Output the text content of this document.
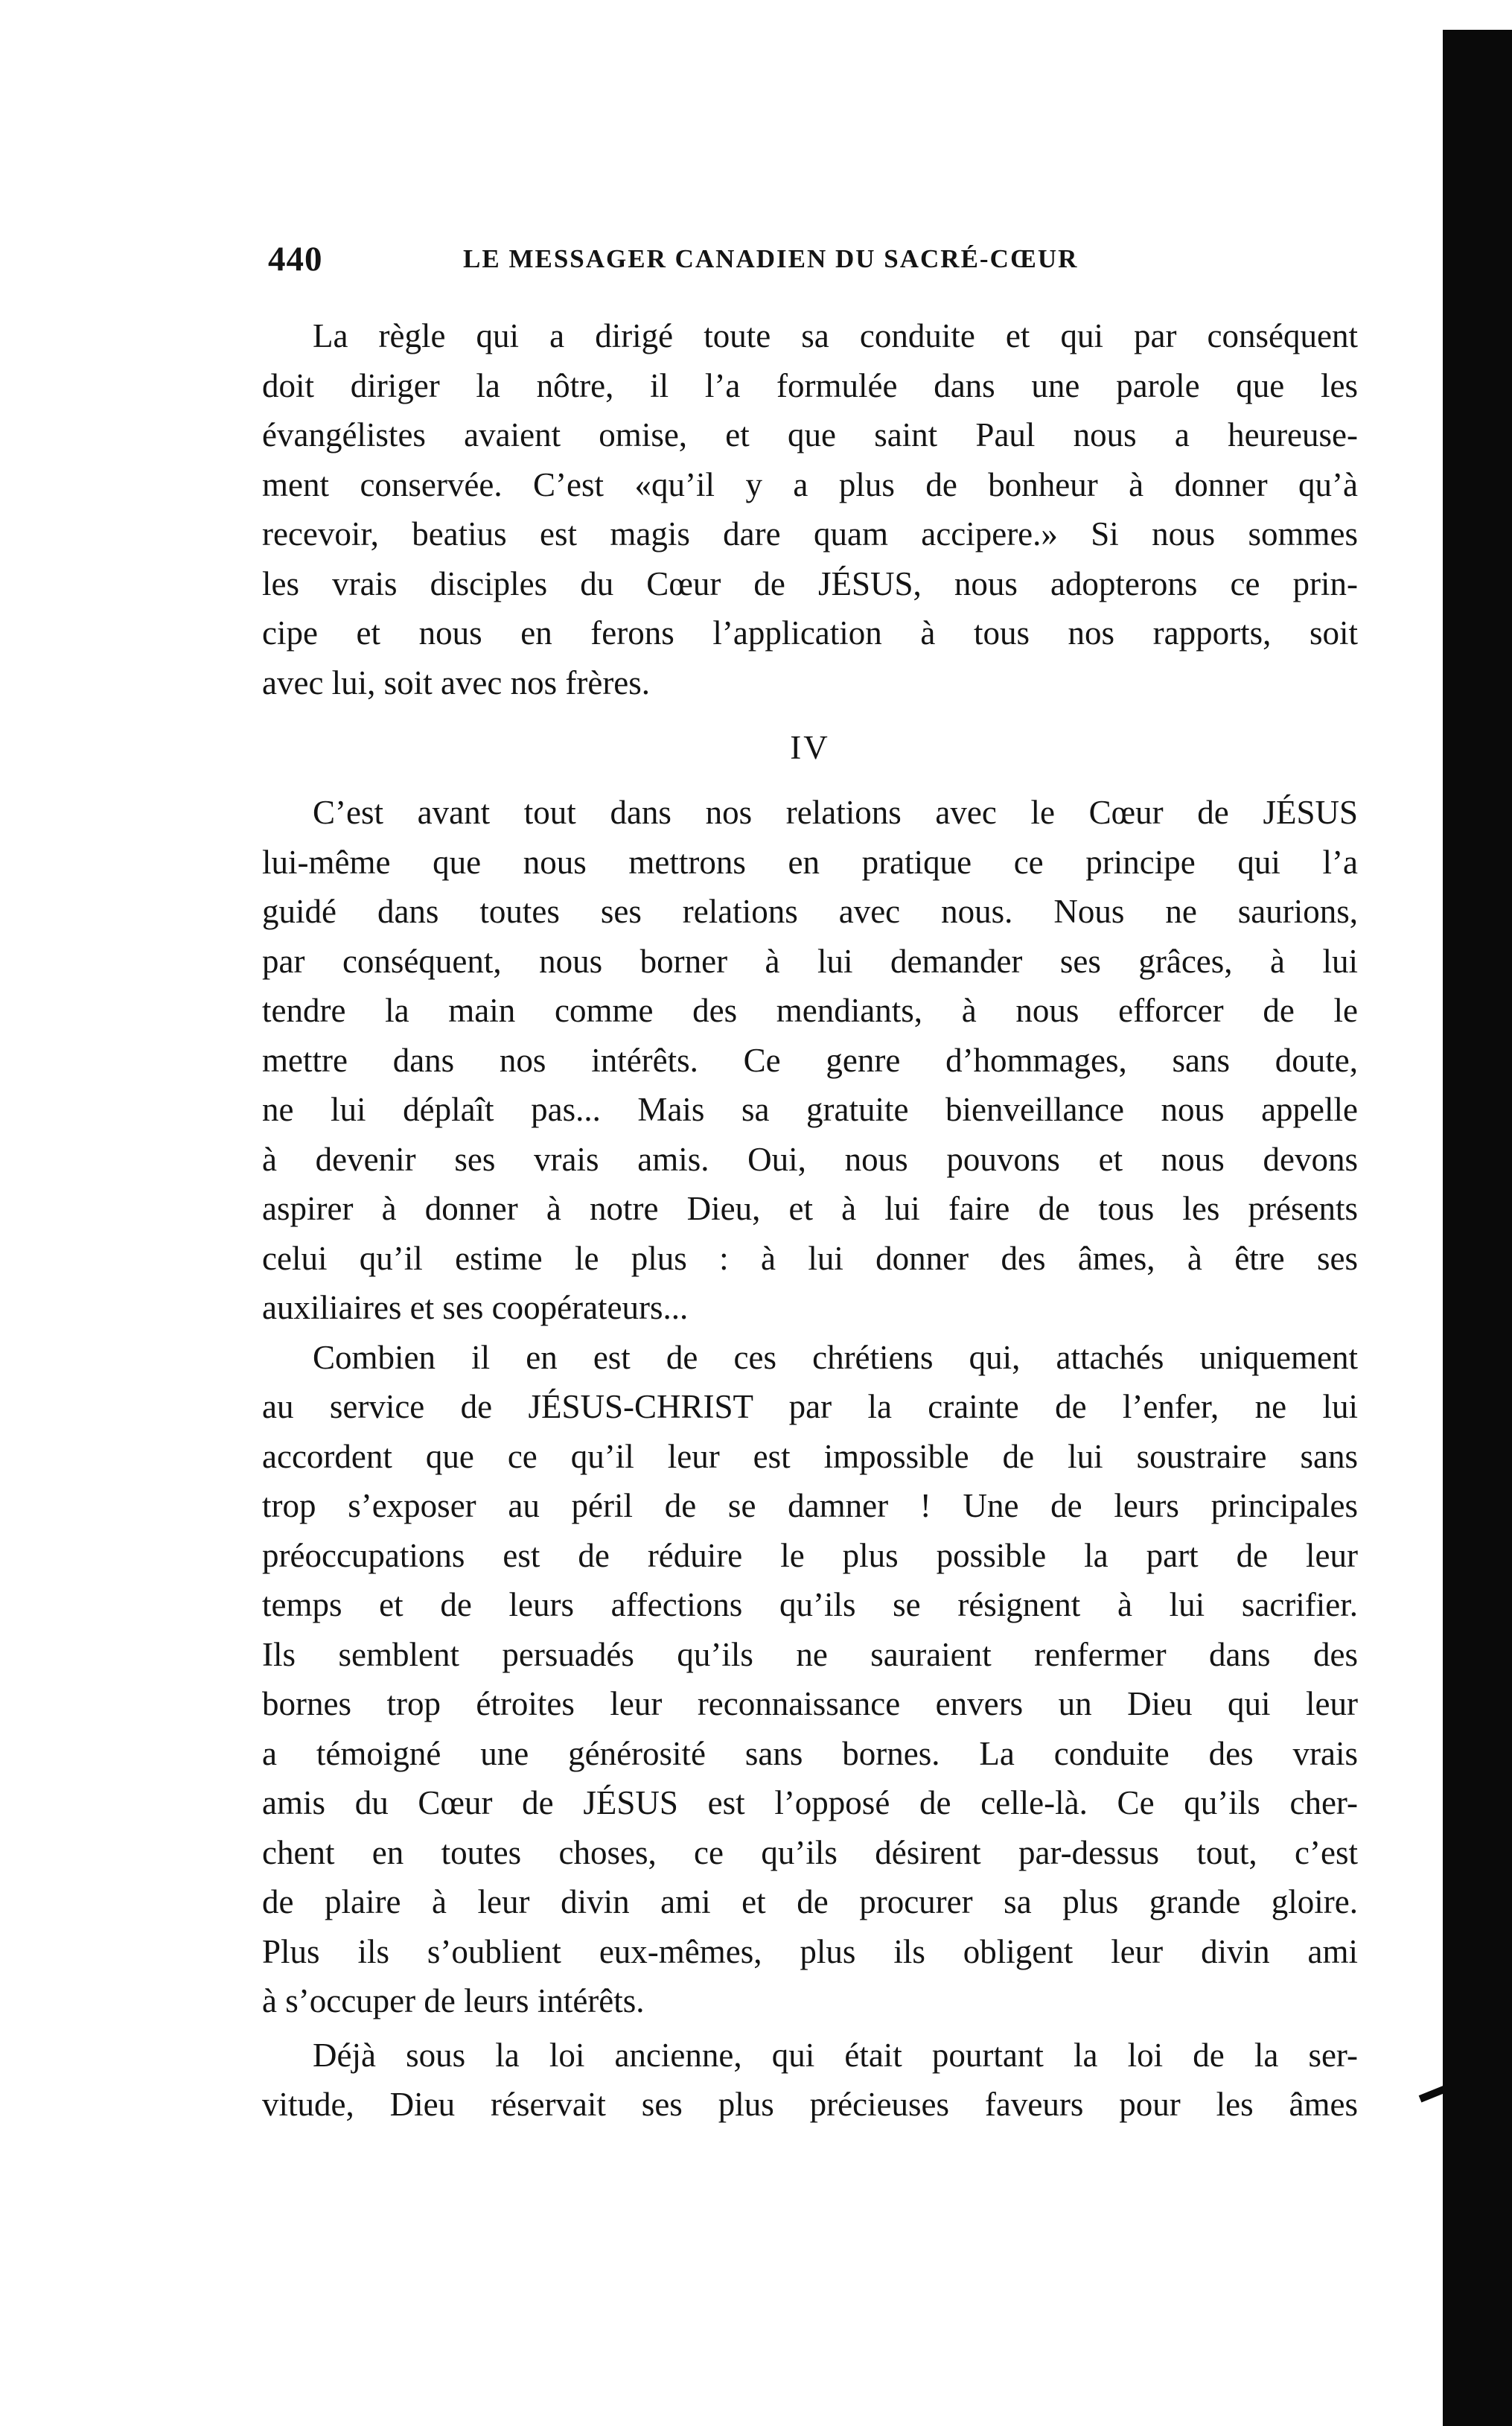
440	LE MESSAGER CANADIEN DU SACRÉ-CŒUR
La règle qui a dirigé toute sa conduite et qui par conséquent
doit diriger la nôtre, il l’a formulée dans une parole que les
évangélistes avaient omise, et que saint Paul nous a heureuse-
ment conservée. C’est «qu’il y a plus de bonheur à donner qu’à
recevoir, beatius est magis dare quam accipere.» Si nous sommes
les vrais disciples du Cœur de JÉSUS, nous adopterons ce prin-
cipe et nous en ferons l’application à tous nos rapports, soit
avec lui, soit avec nos frères.
IV
C’est avant tout dans nos relations avec le Cœur de JÉSUS
lui-même que nous mettrons en pratique ce principe qui l’a
guidé dans toutes ses relations avec nous. Nous ne saurions,
par conséquent, nous borner à lui demander ses grâces, à lui
tendre la main comme des mendiants, à nous efforcer de le
mettre dans nos intérêts. Ce genre d’hommages, sans doute,
ne lui déplaît pas... Mais sa gratuite bienveillance nous appelle
à devenir ses vrais amis. Oui, nous pouvons et nous devons
aspirer à donner à notre Dieu, et à lui faire de tous les présents
celui qu’il estime le plus : à lui donner des âmes, à être ses
auxiliaires et ses coopérateurs...
Combien il en est de ces chrétiens qui, attachés uniquement
au service de JÉSUS-CHRIST par la crainte de l’enfer, ne lui
accordent que ce qu’il leur est impossible de lui soustraire sans
trop s’exposer au péril de se damner ! Une de leurs principales
préoccupations est de réduire le plus possible la part de leur
temps et de leurs affections qu’ils se résignent à lui sacrifier.
Ils semblent persuadés qu’ils ne sauraient renfermer dans des
bornes trop étroites leur reconnaissance envers un Dieu qui leur
a témoigné une générosité sans bornes. La conduite des vrais
amis du Cœur de JÉSUS est l’opposé de celle-là. Ce qu’ils cher-
chent en toutes choses, ce qu’ils désirent par-dessus tout, c’est
de plaire à leur divin ami et de procurer sa plus grande gloire.
Plus ils s’oublient eux-mêmes, plus ils obligent leur divin ami
à s’occuper de leurs intérêts.
Déjà sous la loi ancienne, qui était pourtant la loi de la ser-
vitude, Dieu réservait ses plus précieuses faveurs pour les âmes
